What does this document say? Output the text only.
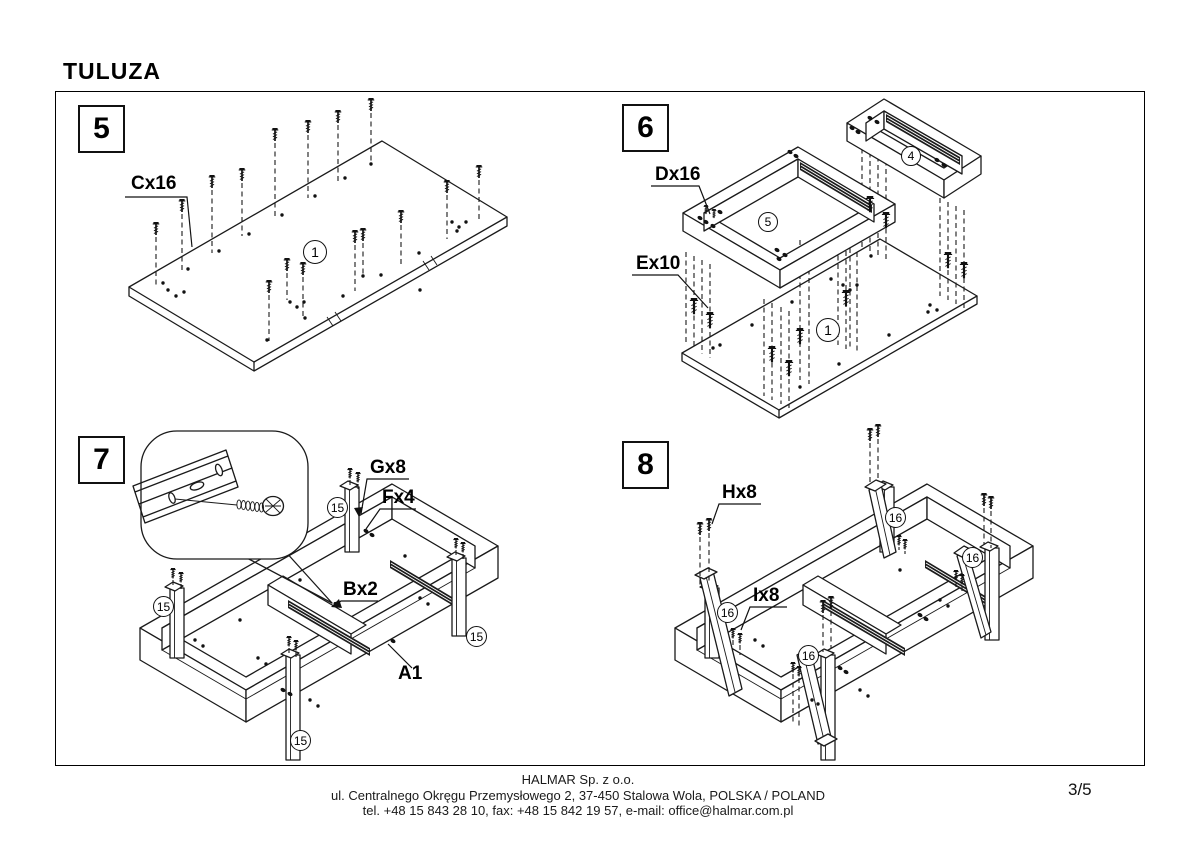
TULUZA
5	6
7	8
Cx16	Dx16
Ex10
Gx8
Fx4
Bx2
A1
Hx8
Ix8
1
4
5
1
15
15
15
15
16
16
16
16
HALMAR Sp. z o.o.
ul. Centralnego Okręgu Przemysłowego 2, 37-450 Stalowa Wola, POLSKA / POLAND
tel. +48 15 843 28 10, fax: +48 15 842 19 57, e-mail: office@halmar.com.pl
3/5
